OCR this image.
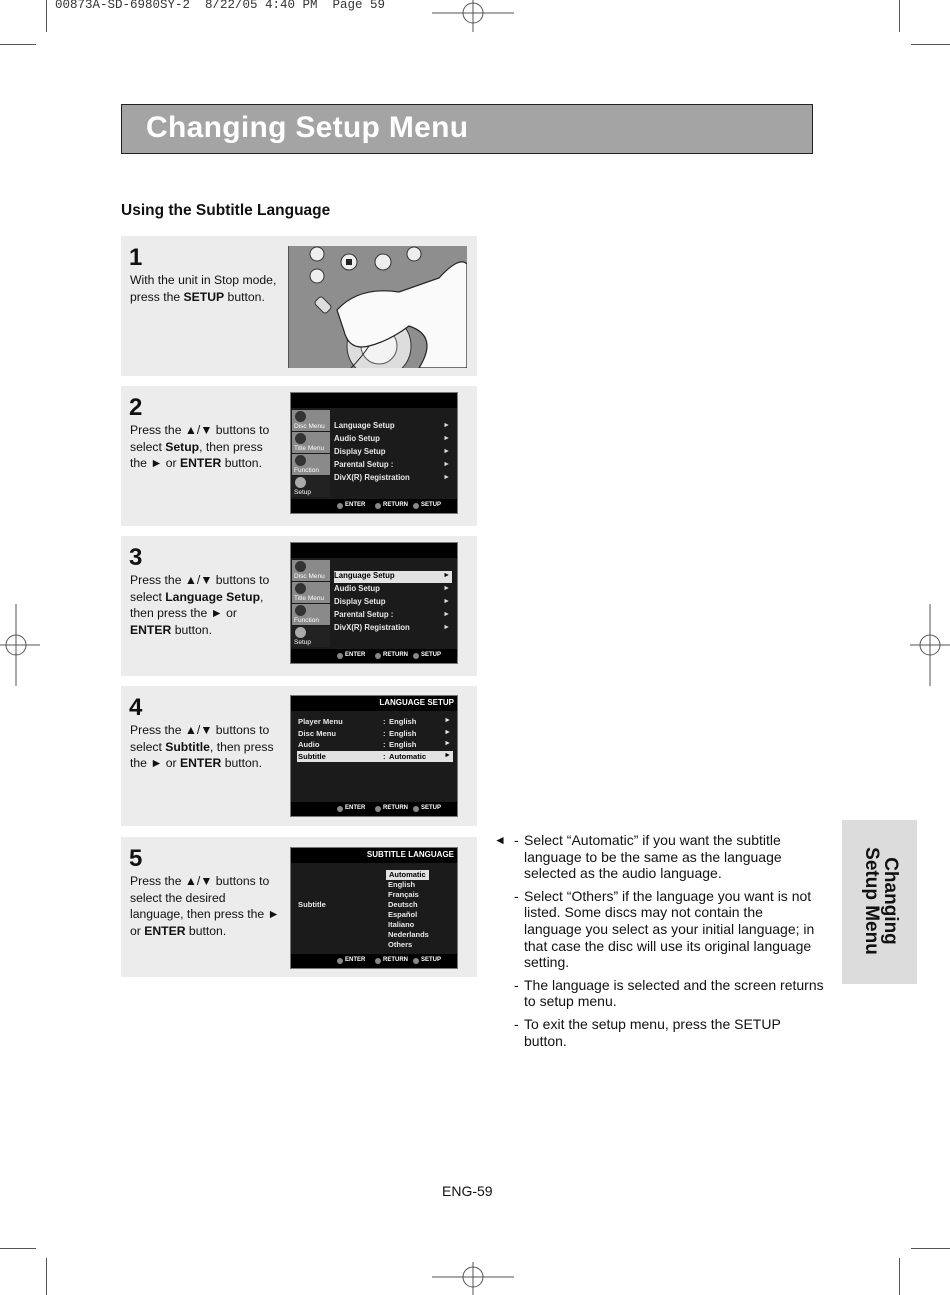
00873A-SD-6980SY-2  8/22/05 4:40 PM  Page 59
Changing Setup Menu
Using the Subtitle Language
1
With the unit in Stop mode, press the SETUP button.
2
Press the ▲/▼ buttons to select Setup, then press the ► or ENTER button.
Disc Menu
Title Menu
Function
Setup
Language Setup	►
Audio Setup	►
Display Setup	►
Parental Setup :	►
DivX(R) Registration	►
ENTER	RETURN SETUP
3
Press the ▲/▼ buttons to select Language Setup, then press the ► or ENTER button.
Disc Menu
Title Menu
Function
Setup
Language Setup	►
Audio Setup	►
Display Setup	►
Parental Setup :	►
DivX(R) Registration	►
ENTER	RETURN SETUP
4
Press the ▲/▼ buttons to select Subtitle, then press the ► or ENTER button.
LANGUAGE SETUP
Player Menu	: English	►
Disc Menu	: English	►
Audio	: English	►
Subtitle	: Automatic	►
ENTER	RETURN SETUP
5
Press the ▲/▼ buttons to select the desired language, then press the ► or ENTER button.
SUBTITLE LANGUAGE
Subtitle
Automatic
English
Français
Deutsch
Español
Italiano
Nederlands
Others
ENTER	RETURN SETUP
◄ - Select “Automatic” if you want the subtitle language to be the same as the language selected as the audio language.
- Select “Others” if the language you want is not listed. Some discs may not contain the language you select as your initial language; in that case the disc will use its original language setting.
- The language is selected and the screen returns to setup menu.
- To exit the setup menu, press the SETUP button.
Changing
Setup Menu
ENG-59
